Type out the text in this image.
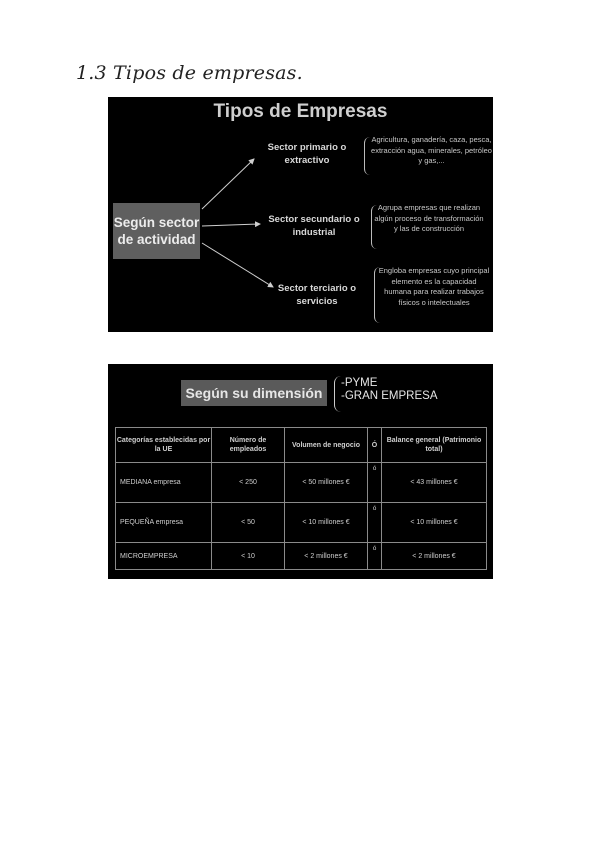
1.3 Tipos de empresas.
Tipos de Empresas
Según sector de actividad
Sector primario o extractivo
Sector secundario o industrial
Sector terciario o servicios
Agricultura, ganadería, caza, pesca, extracción agua, minerales, petróleo y gas,...
Agrupa empresas que realizan algún proceso de transformación y las de construcción
Engloba empresas cuyo principal elemento es la capacidad humana para realizar trabajos físicos o intelectuales
Según su dimensión
-PYME
-GRAN EMPRESA
Categorías establecidas por la UE	Número de empleados	Volumen de negocio	Ó	Balance general (Patrimonio total)
MEDIANA empresa	< 250	< 50 millones €	ó	< 43 millones €
PEQUEÑA empresa	< 50	< 10 millones €	ó	< 10 millones €
MICROEMPRESA	< 10	< 2 millones €	ó	< 2 millones €
